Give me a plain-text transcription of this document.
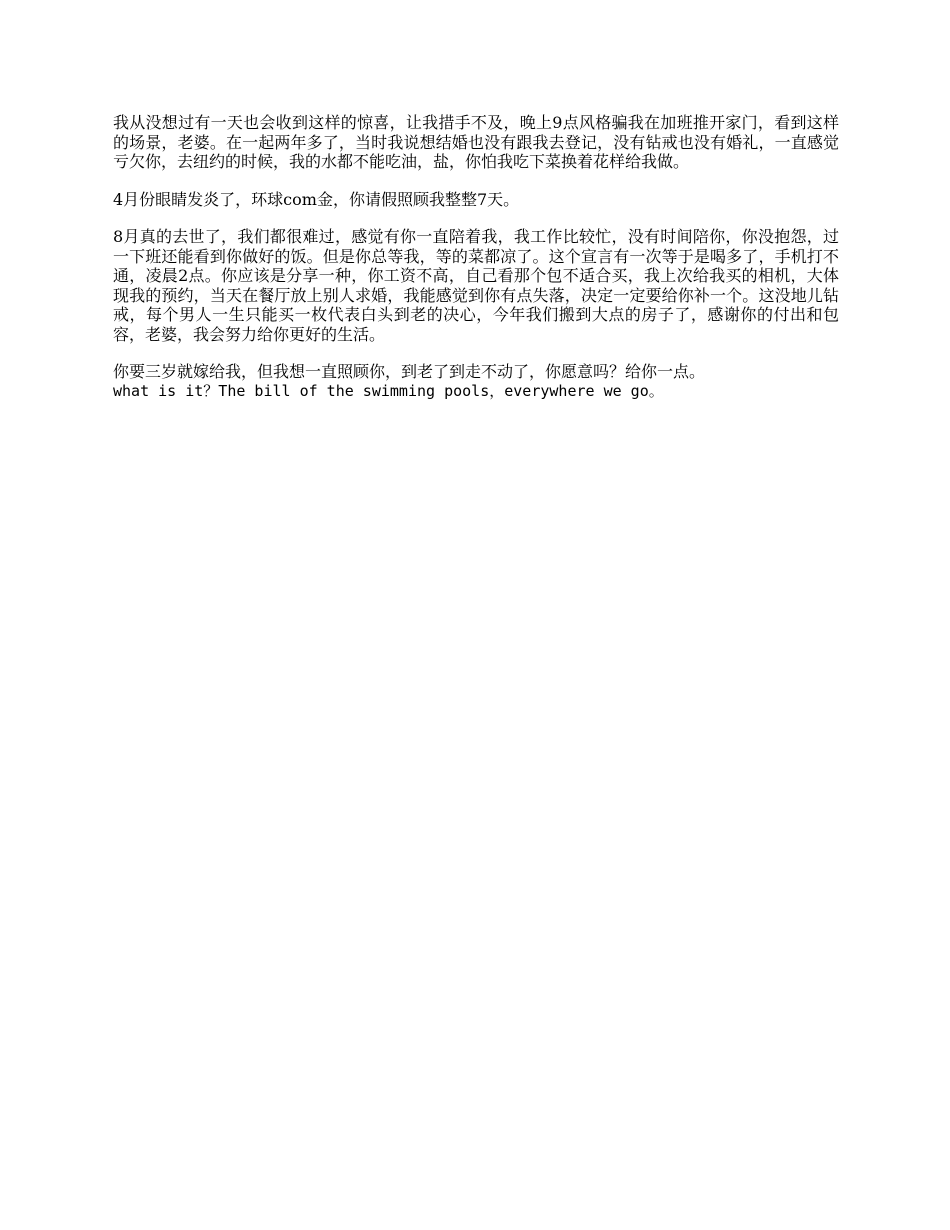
我从没想过有一天也会收到这样的惊喜，让我措手不及，晚上9点风格骗我在加班推开家门，看到这样的场景，老婆。在一起两年多了，当时我说想结婚也没有跟我去登记，没有钻戒也没有婚礼，一直感觉亏欠你，去纽约的时候，我的水都不能吃油，盐，你怕我吃下菜换着花样给我做。

4月份眼睛发炎了，环球com金，你请假照顾我整整7天。

8月真的去世了，我们都很难过，感觉有你一直陪着我，我工作比较忙，没有时间陪你，你没抱怨，过一下班还能看到你做好的饭。但是你总等我，等的菜都凉了。这个宣言有一次等于是喝多了，手机打不通，凌晨2点。你应该是分享一种，你工资不高，自己看那个包不适合买，我上次给我买的相机，大体现我的预约，当天在餐厅放上别人求婚，我能感觉到你有点失落，决定一定要给你补一个。这没地儿钻戒，每个男人一生只能买一枚代表白头到老的决心，今年我们搬到大点的房子了，感谢你的付出和包容，老婆，我会努力给你更好的生活。

你要三岁就嫁给我，但我想一直照顾你，到老了到走不动了，你愿意吗？给你一点。

what is it？The bill of the swimming pools，everywhere we go。
